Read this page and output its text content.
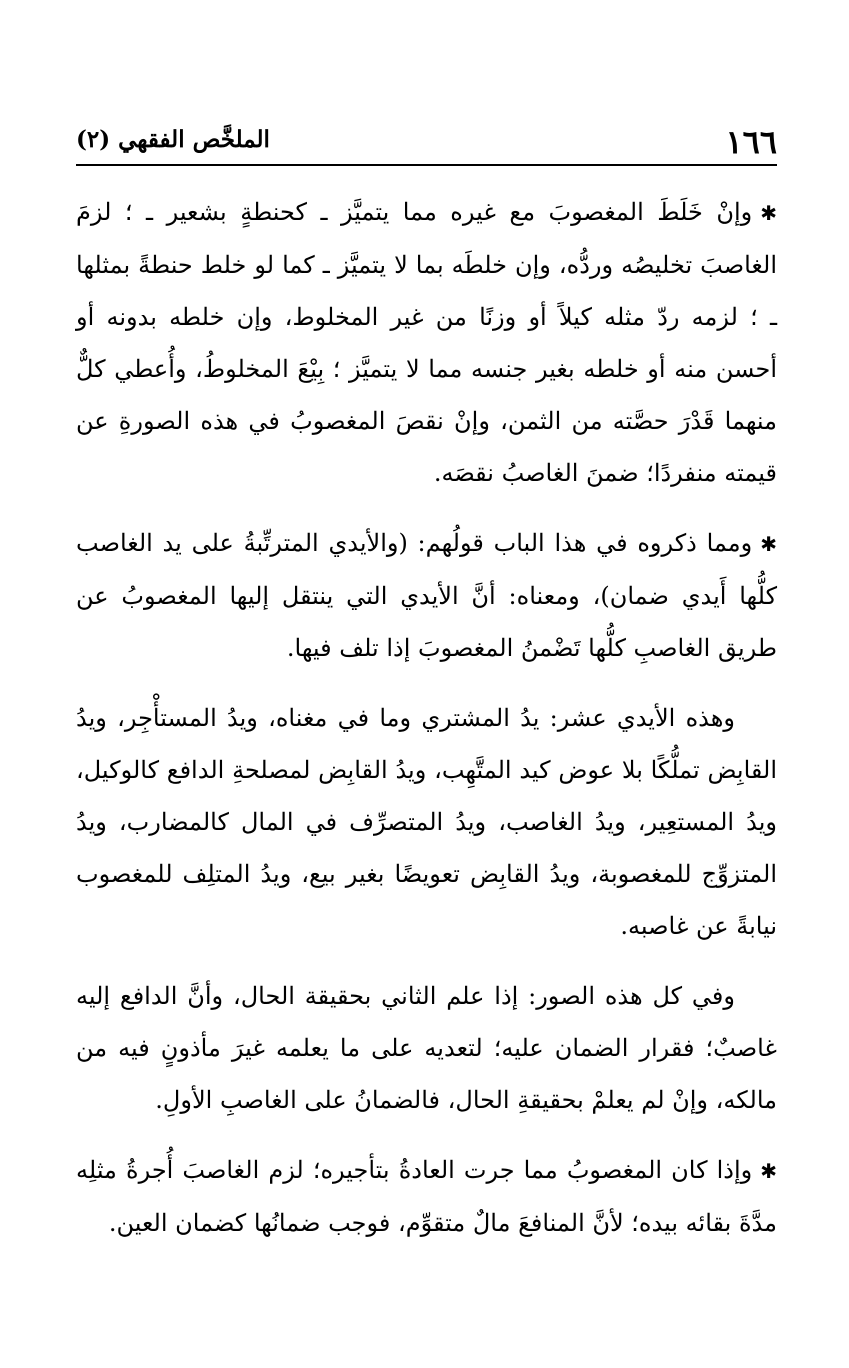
١٦٦
الملخَّص الفقهي (٢)

✱وإنْ خَلَطَ المغصوبَ مع غيره مما يتميَّز ـ كحنطةٍ بشعير ـ ؛ لزمَ الغاصبَ تخليصُه وردُّه، وإن خلطَه بما لا يتميَّز ـ كما لو خلط حنطةً بمثلها ـ ؛ لزمه ردّ مثله كيلاً أو وزنًا من غير المخلوط، وإن خلطه بدونه أو أحسن منه أو خلطه بغير جنسه مما لا يتميَّز ؛ بِيْعَ المخلوطُ، وأُعطي كلٌّ منهما قَدْرَ حصَّته من الثمن، وإنْ نقصَ المغصوبُ في هذه الصورةِ عن قيمته منفردًا؛ ضمنَ الغاصبُ نقصَه.

✱ومما ذكروه في هذا الباب قولُهم: (والأيدي المترتِّبةُ على يد الغاصب كلُّها أَيدي ضمان)، ومعناه: أنَّ الأيدي التي ينتقل إليها المغصوبُ عن طريق الغاصبِ كلُّها تَضْمنُ المغصوبَ إذا تلف فيها.

وهذه الأيدي عشر: يدُ المشتري وما في مغناه، ويدُ المستأْجِر، ويدُ القابِض تملُّكًا بلا عوض كيد المتَّهِب، ويدُ القابِض لمصلحةِ الدافع كالوكيل، ويدُ المستعِير، ويدُ الغاصب، ويدُ المتصرِّف في المال كالمضارب، ويدُ المتزوِّج للمغصوبة، ويدُ القابِض تعويضًا بغير بيع، ويدُ المتلِف للمغصوب نيابةً عن غاصبه.

وفي كل هذه الصور: إذا علم الثاني بحقيقة الحال، وأنَّ الدافع إليه غاصبٌ؛ فقرار الضمان عليه؛ لتعديه على ما يعلمه غيرَ مأذونٍ فيه من مالكه، وإنْ لم يعلمْ بحقيقةِ الحال، فالضمانُ على الغاصبِ الأولِ.

✱وإذا كان المغصوبُ مما جرت العادةُ بتأجيره؛ لزم الغاصبَ أُجرةُ مثلِه مدَّةَ بقائه بيده؛ لأنَّ المنافعَ مالٌ متقوِّم، فوجب ضمانُها كضمان العين.
